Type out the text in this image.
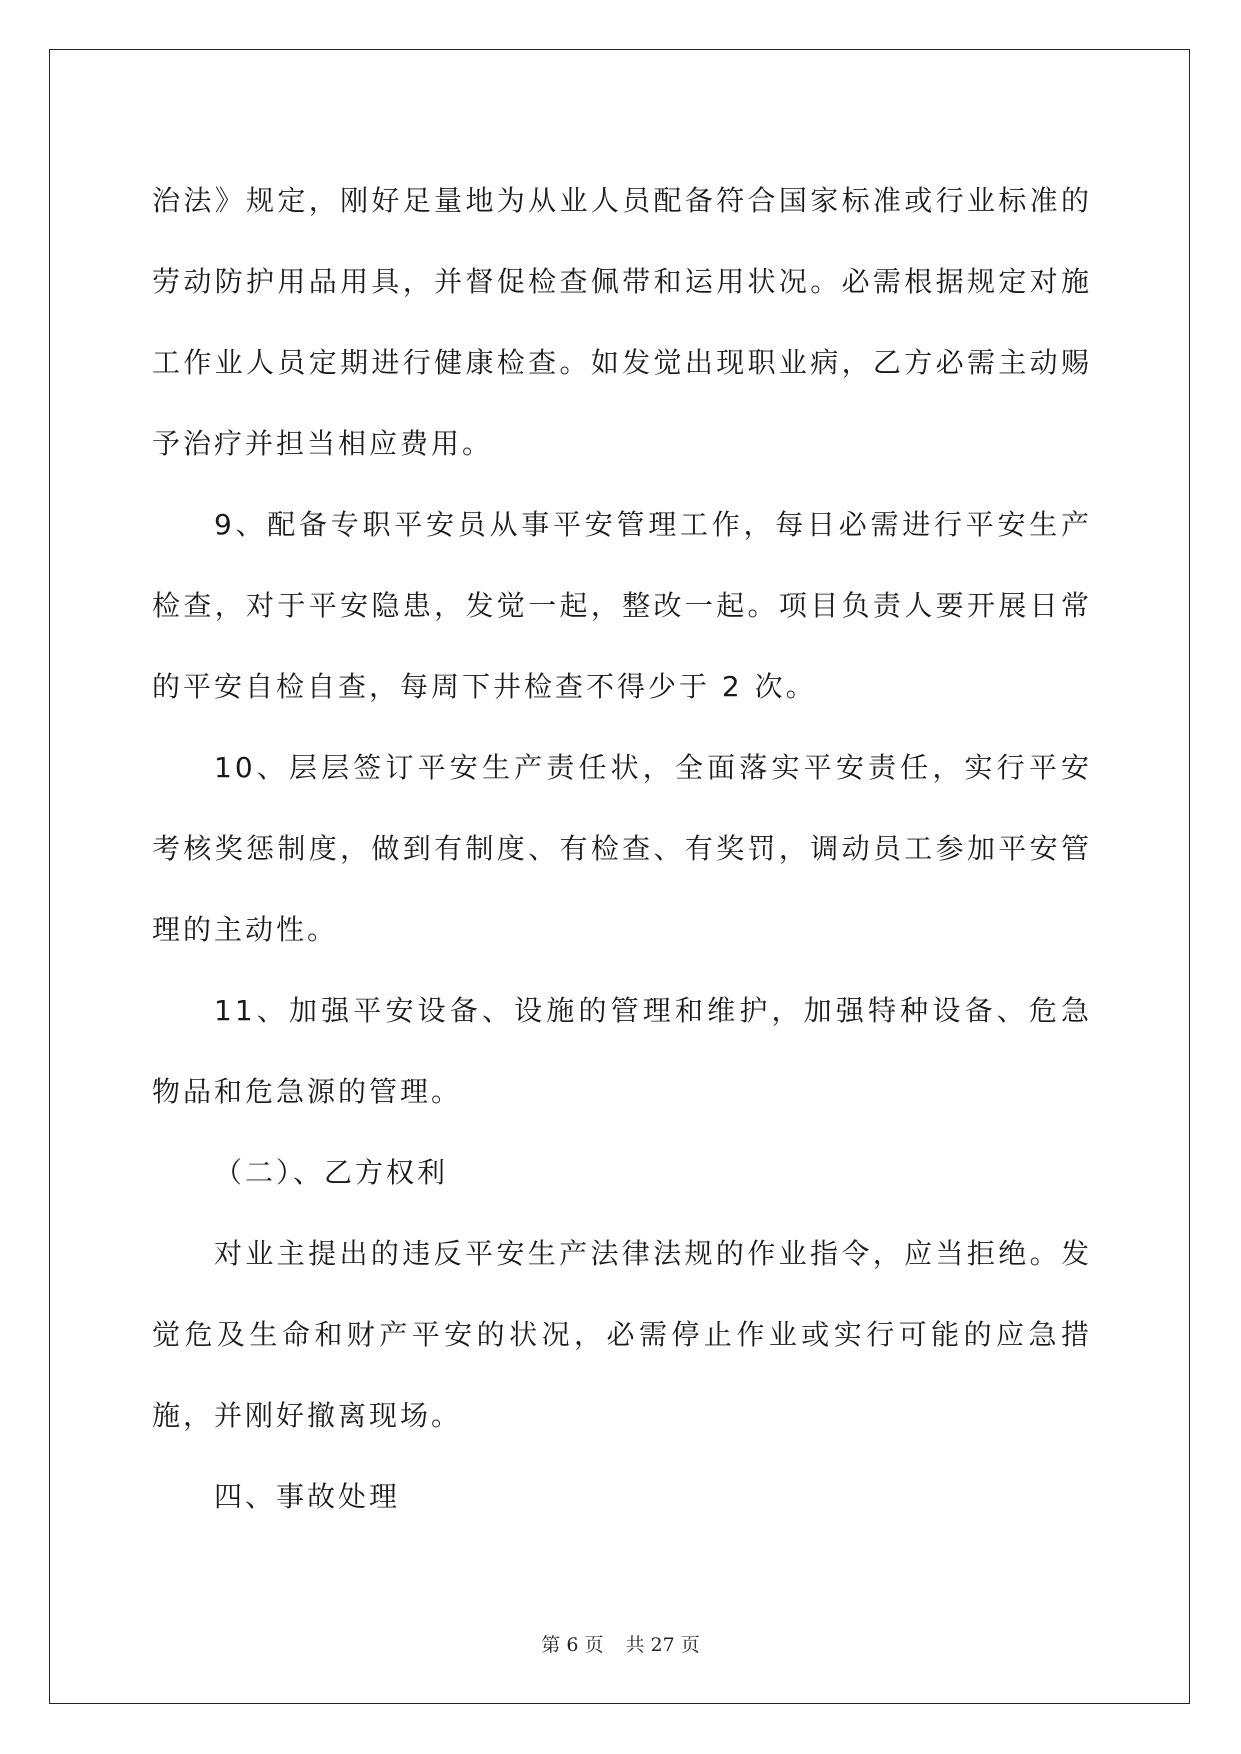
治法》规定，刚好足量地为从业人员配备符合国家标准或行业标准的劳动防护用品用具，并督促检查佩带和运用状况。必需根据规定对施工作业人员定期进行健康检查。如发觉出现职业病，乙方必需主动赐予治疗并担当相应费用。

9、配备专职平安员从事平安管理工作，每日必需进行平安生产检查，对于平安隐患，发觉一起，整改一起。项目负责人要开展日常的平安自检自查，每周下井检查不得少于 2 次。

10、层层签订平安生产责任状，全面落实平安责任，实行平安考核奖惩制度，做到有制度、有检查、有奖罚，调动员工参加平安管理的主动性。

11、加强平安设备、设施的管理和维护，加强特种设备、危急物品和危急源的管理。

（二）、乙方权利

对业主提出的违反平安生产法律法规的作业指令，应当拒绝。发觉危及生命和财产平安的状况，必需停止作业或实行可能的应急措施，并刚好撤离现场。

四、事故处理

第 6 页 共 27 页
